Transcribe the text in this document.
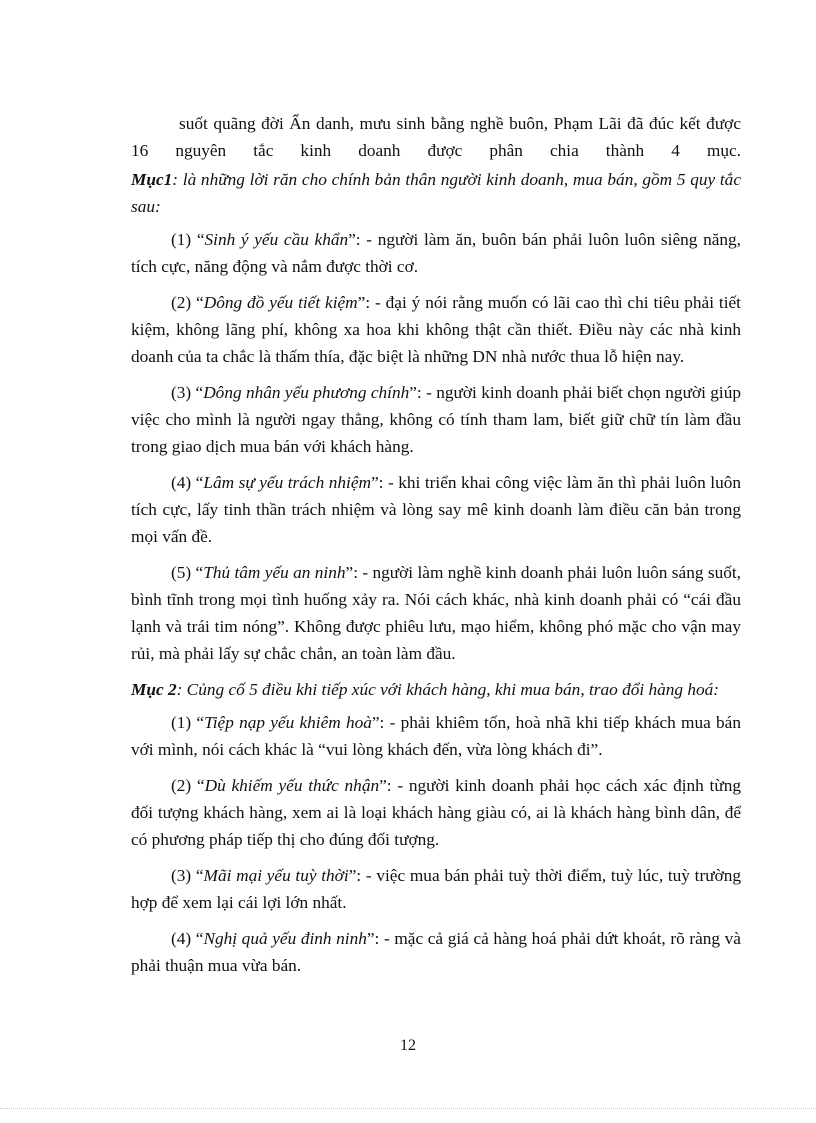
suốt quãng đời Ẩn danh, mưu sinh bằng nghề buôn, Phạm Lãi đã đúc kết được 16 nguyên tắc kinh doanh được phân chia thành 4 mục.

Mục1: là những lời răn cho chính bản thân người kinh doanh, mua bán, gồm 5 quy tắc sau:

(1) “Sinh ý yếu cầu khẩn”: - người làm ăn, buôn bán phải luôn luôn siêng năng, tích cực, năng động và nắm được thời cơ.

(2) “Dông đồ yếu tiết kiệm”: - đại ý nói rằng muốn có lãi cao thì chi tiêu phải tiết kiệm, không lãng phí, không xa hoa khi không thật cần thiết. Điều này các nhà kinh doanh của ta chắc là thấm thía, đặc biệt là những DN nhà nước thua lỗ hiện nay.

(3) “Dông nhân yếu phương chính”: - người kinh doanh phải biết chọn người giúp việc cho mình là người ngay thẳng, không có tính tham lam, biết giữ chữ tín làm đầu trong giao dịch mua bán với khách hàng.

(4) “Lâm sự yếu trách nhiệm”: - khi triển khai công việc làm ăn thì phải luôn luôn tích cực, lấy tinh thần trách nhiệm và lòng say mê kinh doanh làm điều căn bản trong mọi vấn đề.

(5) “Thủ tâm yếu an ninh”: - người làm nghề kinh doanh phải luôn luôn sáng suốt, bình tĩnh trong mọi tình huống xảy ra. Nói cách khác, nhà kinh doanh phải có “cái đầu lạnh và trái tim nóng”. Không được phiêu lưu, mạo hiểm, không phó mặc cho vận may rủi, mà phải lấy sự chắc chắn, an toàn làm đầu.

Mục 2: Củng cố 5 điều khi tiếp xúc với khách hàng, khi mua bán, trao đổi hàng hoá:

(1) “Tiệp nạp yếu khiêm hoà”: - phải khiêm tốn, hoà nhã khi tiếp khách mua bán với mình, nói cách khác là “vui lòng khách đến, vừa lòng khách đi”.

(2) “Dù khiếm yếu thức nhận”: - người kinh doanh phải học cách xác định từng đối tượng khách hàng, xem ai là loại khách hàng giàu có, ai là khách hàng bình dân, để có phương pháp tiếp thị cho đúng đối tượng.

(3) “Mãi mại yếu tuỳ thời”: - việc mua bán phải tuỳ thời điểm, tuỳ lúc, tuỳ trường hợp để xem lại cái lợi lớn nhất.

(4) “Nghị quả yếu đinh ninh”: - mặc cả giá cả hàng hoá phải dứt khoát, rõ ràng và phải thuận mua vừa bán.

12
